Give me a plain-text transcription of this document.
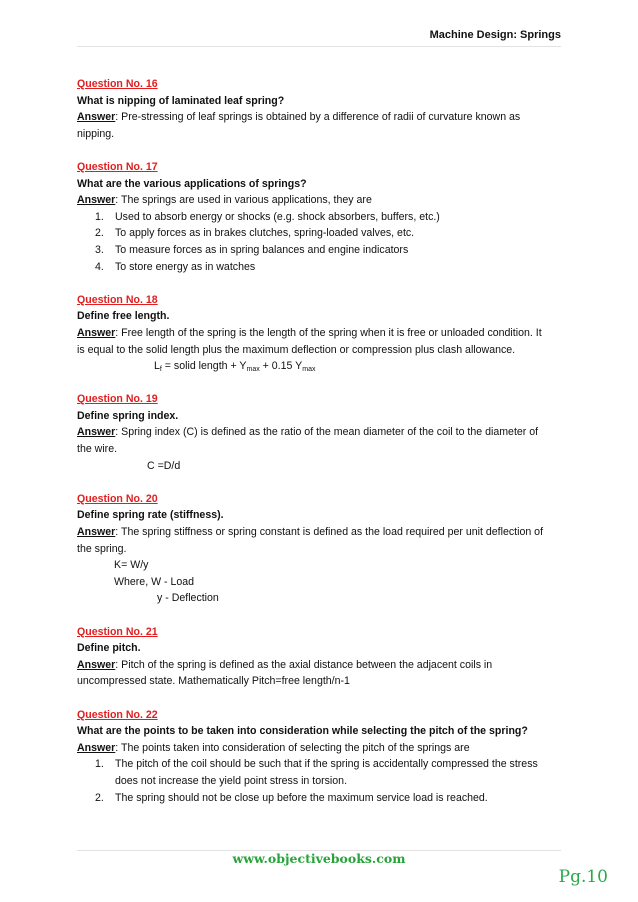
Machine Design: Springs
Question No. 16
What is nipping of laminated leaf spring?
Answer: Pre-stressing of leaf springs is obtained by a difference of radii of curvature known as
nipping.
Question No. 17
What are the various applications of springs?
Answer: The springs are used in various applications, they are
1. Used to absorb energy or shocks (e.g. shock absorbers, buffers, etc.)
2. To apply forces as in brakes clutches, spring-loaded valves, etc.
3. To measure forces as in spring balances and engine indicators
4. To store energy as in watches
Question No. 18
Define free length.
Answer: Free length of the spring is the length of the spring when it is free or unloaded condition. It
is equal to the solid length plus the maximum deflection or compression plus clash allowance.
$L_f$ = solid length + $Y_{max} + 0.15$ $Y_{max}$
Question No. 19
Define spring index.
Answer: Spring index (C) is defined as the ratio of the mean diameter of the coil to the diameter of
the wire.
C =D/d
Question No. 20
Define spring rate (stiffness).
Answer: The spring stiffness or spring constant is defined as the load required per unit deflection of
the spring.
K= W/y
Where, W - Load
y - Deflection
Question No. 21
Define pitch.
Answer: Pitch of the spring is defined as the axial distance between the adjacent coils in
uncompressed state. Mathematically Pitch=free length/n-1
Question No. 22
What are the points to be taken into consideration while selecting the pitch of the spring?
Answer: The points taken into consideration of selecting the pitch of the springs are
1. The pitch of the coil should be such that if the spring is accidentally compressed the stress
does not increase the yield point stress in torsion.
2. The spring should not be close up before the maximum service load is reached.
www.objectivebooks.com
Pg.10
